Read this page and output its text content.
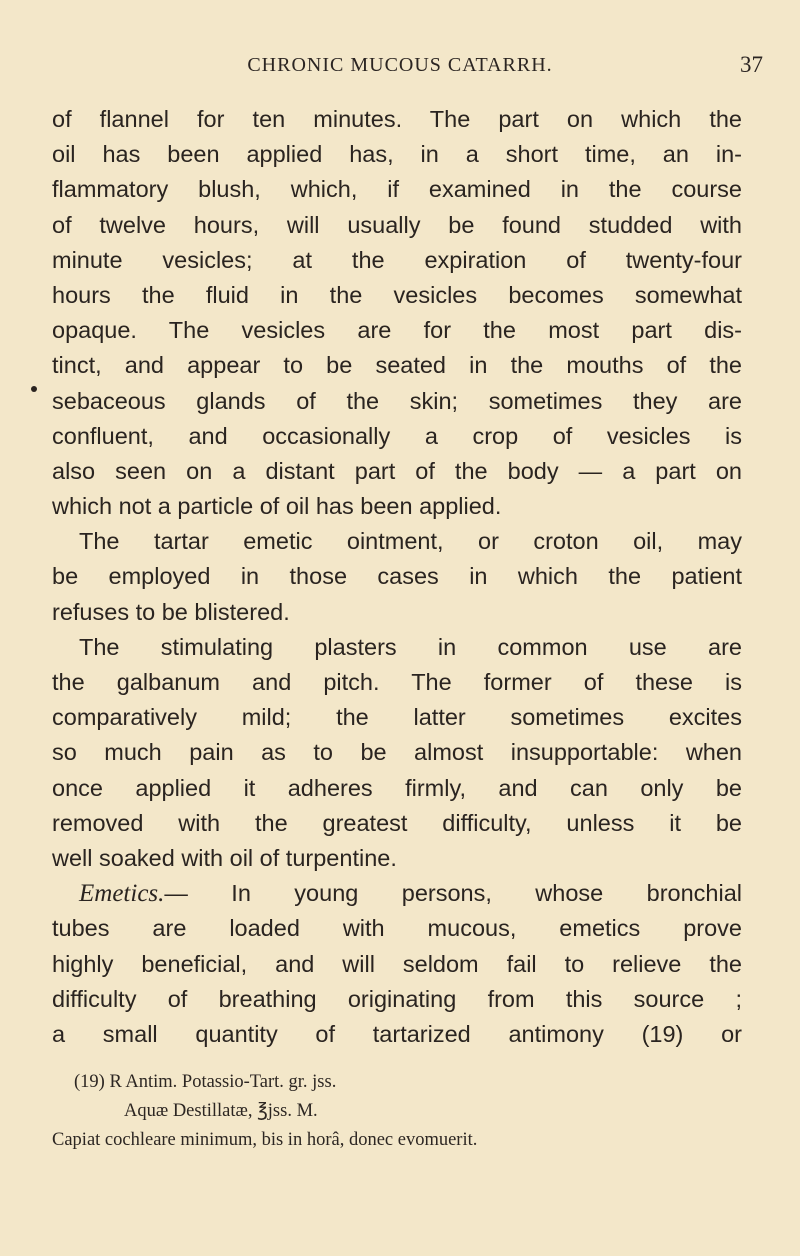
CHRONIC MUCOUS CATARRH.	37
of flannel for ten minutes. The part on which the
oil has been applied has, in a short time, an in-
flammatory blush, which, if examined in the course
of twelve hours, will usually be found studded with
minute vesicles; at the expiration of twenty-four
hours the fluid in the vesicles becomes somewhat
opaque. The vesicles are for the most part dis-
tinct, and appear to be seated in the mouths of the
sebaceous glands of the skin; sometimes they are
confluent, and occasionally a crop of vesicles is
also seen on a distant part of the body — a part on
which not a particle of oil has been applied.
The tartar emetic ointment, or croton oil, may
be employed in those cases in which the patient
refuses to be blistered.
The stimulating plasters in common use are
the galbanum and pitch. The former of these is
comparatively mild; the latter sometimes excites
so much pain as to be almost insupportable: when
once applied it adheres firmly, and can only be
removed with the greatest difficulty, unless it be
well soaked with oil of turpentine.
Emetics.— In young persons, whose bronchial
tubes are loaded with mucous, emetics prove
highly beneficial, and will seldom fail to relieve the
difficulty of breathing originating from this source ;
a small quantity of tartarized antimony (19) or
(19) R Antim. Potassio-Tart. gr. jss.
Aquæ Destillatæ, ℥jss. M.
Capiat cochleare minimum, bis in horâ, donec evomuerit.
